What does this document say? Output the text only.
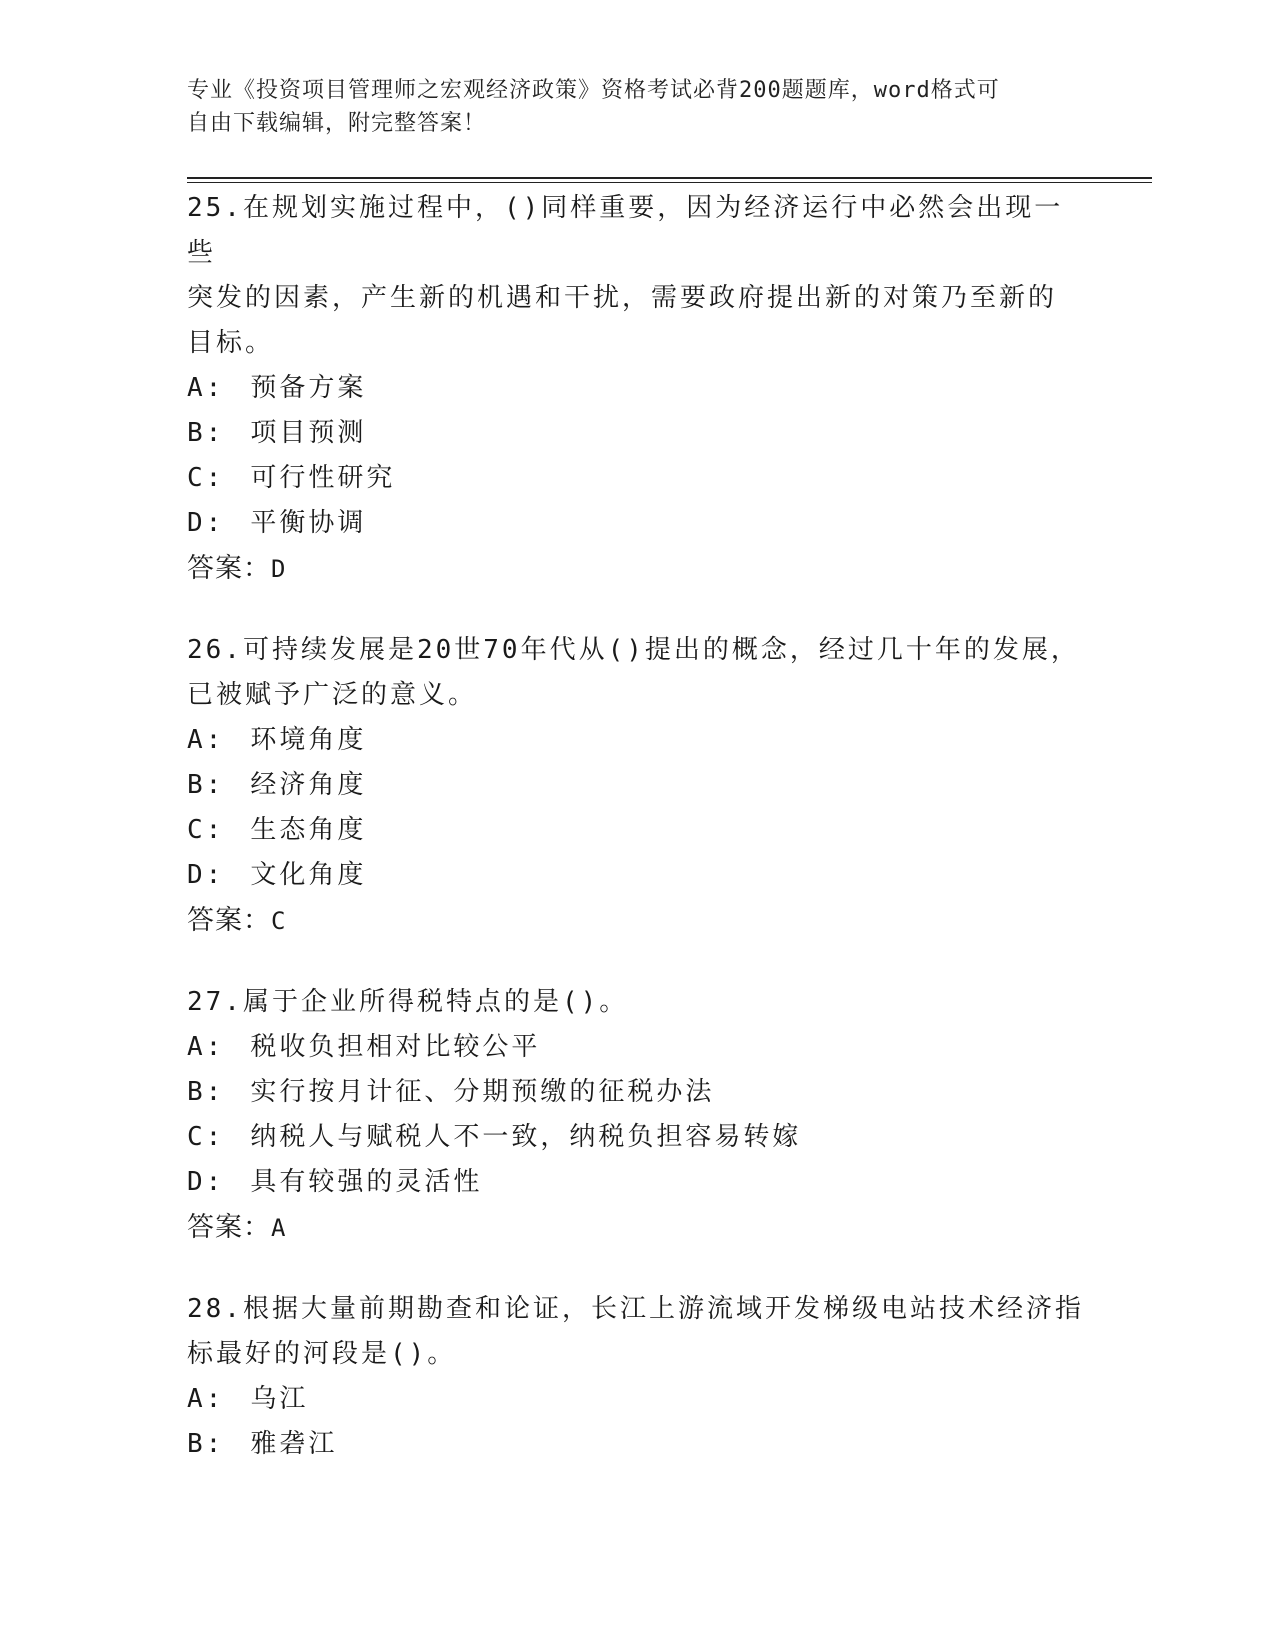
专业《投资项目管理师之宏观经济政策》资格考试必背200题题库，word格式可
自由下载编辑，附完整答案！

25.在规划实施过程中，()同样重要，因为经济运行中必然会出现一些

突发的因素，产生新的机遇和干扰，需要政府提出新的对策乃至新的

目标。

A: 预备方案

B: 项目预测

C: 可行性研究

D: 平衡协调

答案：D

26.可持续发展是20世70年代从()提出的概念，经过几十年的发展，

已被赋予广泛的意义。

A: 环境角度

B: 经济角度

C: 生态角度

D: 文化角度

答案：C

27.属于企业所得税特点的是()。

A: 税收负担相对比较公平

B: 实行按月计征、分期预缴的征税办法

C: 纳税人与赋税人不一致，纳税负担容易转嫁

D: 具有较强的灵活性

答案：A

28.根据大量前期勘查和论证，长江上游流域开发梯级电站技术经济指

标最好的河段是()。

A: 乌江

B: 雅砻江
